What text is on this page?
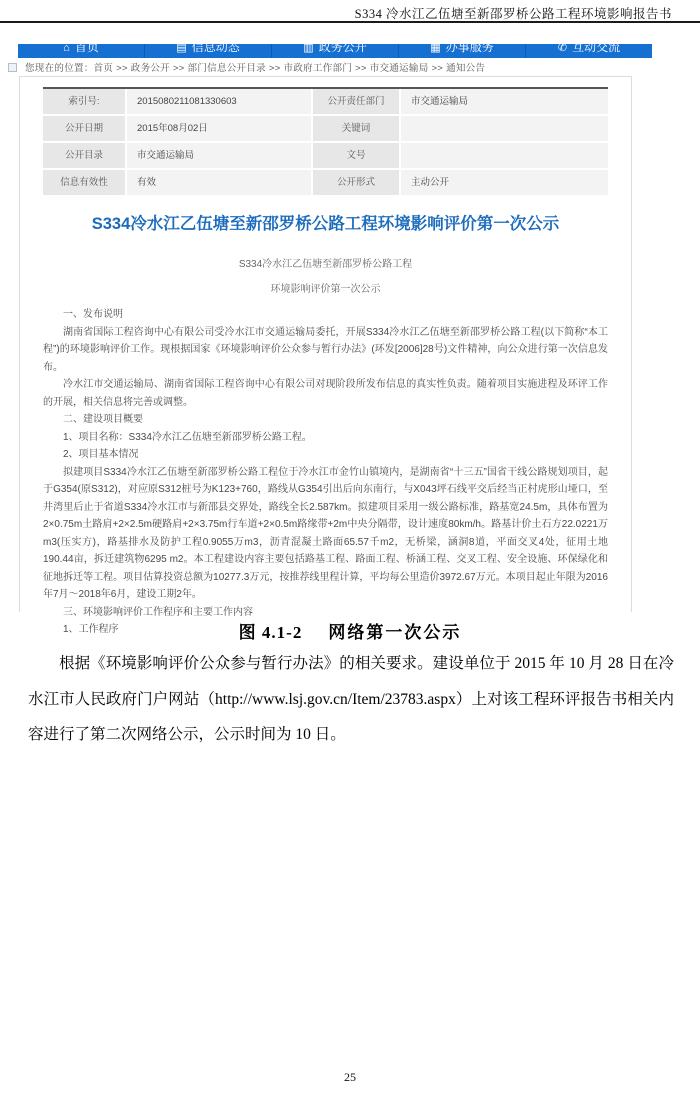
S334 冷水江乙伍塘至新邵罗桥公路工程环境影响报告书
⌂ 首页	▤ 信息动态	▥ 政务公开	▦ 办事服务	✆ 互动交流
您现在的位置：首页 >> 政务公开 >> 部门信息公开目录 >> 市政府工作部门 >> 市交通运输局 >> 通知公告
索引号:	2015080211081330603	公开责任部门	市交通运输局
公开日期	2015年08月02日	关键词
公开目录	市交通运输局	文号
信息有效性	有效	公开形式	主动公开
S334冷水江乙伍塘至新邵罗桥公路工程环境影响评价第一次公示
S334冷水江乙伍塘至新邵罗桥公路工程
环境影响评价第一次公示

一、发布说明

湖南省国际工程咨询中心有限公司受冷水江市交通运输局委托，开展S334冷水江乙伍塘至新邵罗桥公路工程(以下简称“本工程”)的环境影响评价工作。现根据国家《环境影响评价公众参与暂行办法》(环发[2006]28号)文件精神，向公众进行第一次信息发布。

冷水江市交通运输局、湖南省国际工程咨询中心有限公司对现阶段所发布信息的真实性负责。随着项目实施进程及环评工作的开展，相关信息将完善或调整。

二、建设项目概要

1、项目名称：S334冷水江乙伍塘至新邵罗桥公路工程。

2、项目基本情况

拟建项目S334冷水江乙伍塘至新邵罗桥公路工程位于冷水江市金竹山镇境内，是湖南省“十三五”国省干线公路规划项目，起于G354(原S312)，对应原S312桩号为K123+760，路线从G354引出后向东南行，与X043坪石线平交后经当正村虎形山垭口，至井湾里后止于省道S334冷水江市与新邵县交界处，路线全长2.587km。拟建项目采用一级公路标准，路基宽24.5m，具体布置为2×0.75m土路肩+2×2.5m硬路肩+2×3.75m行车道+2×0.5m路缘带+2m中央分隔带，设计速度80km/h。路基计价土石方22.0221万m3(压实方)，路基排水及防护工程0.9055万m3，沥青混凝土路面65.57千m2，无桥梁，涵洞8道，平面交叉4处，征用土地190.44亩，拆迁建筑物6295 m2。本工程建设内容主要包括路基工程、路面工程、桥涵工程、交叉工程、安全设施、环保绿化和征地拆迁等工程。项目估算投资总额为10277.3万元，按推荐线里程计算，平均每公里造价3972.67万元。本项目起止年限为2016年7月～2018年6月，建设工期2年。

三、环境影响评价工作程序和主要工作内容

1、工作程序	图 4.1-2 网络第一次公示
根据《环境影响评价公众参与暂行办法》的相关要求。建设单位于 2015 年 10 月 28 日在冷水江市人民政府门户网站（http://www.lsj.gov.cn/Item/23783.aspx）上对该工程环评报告书相关内容进行了第二次网络公示，公示时间为 10 日。
25
